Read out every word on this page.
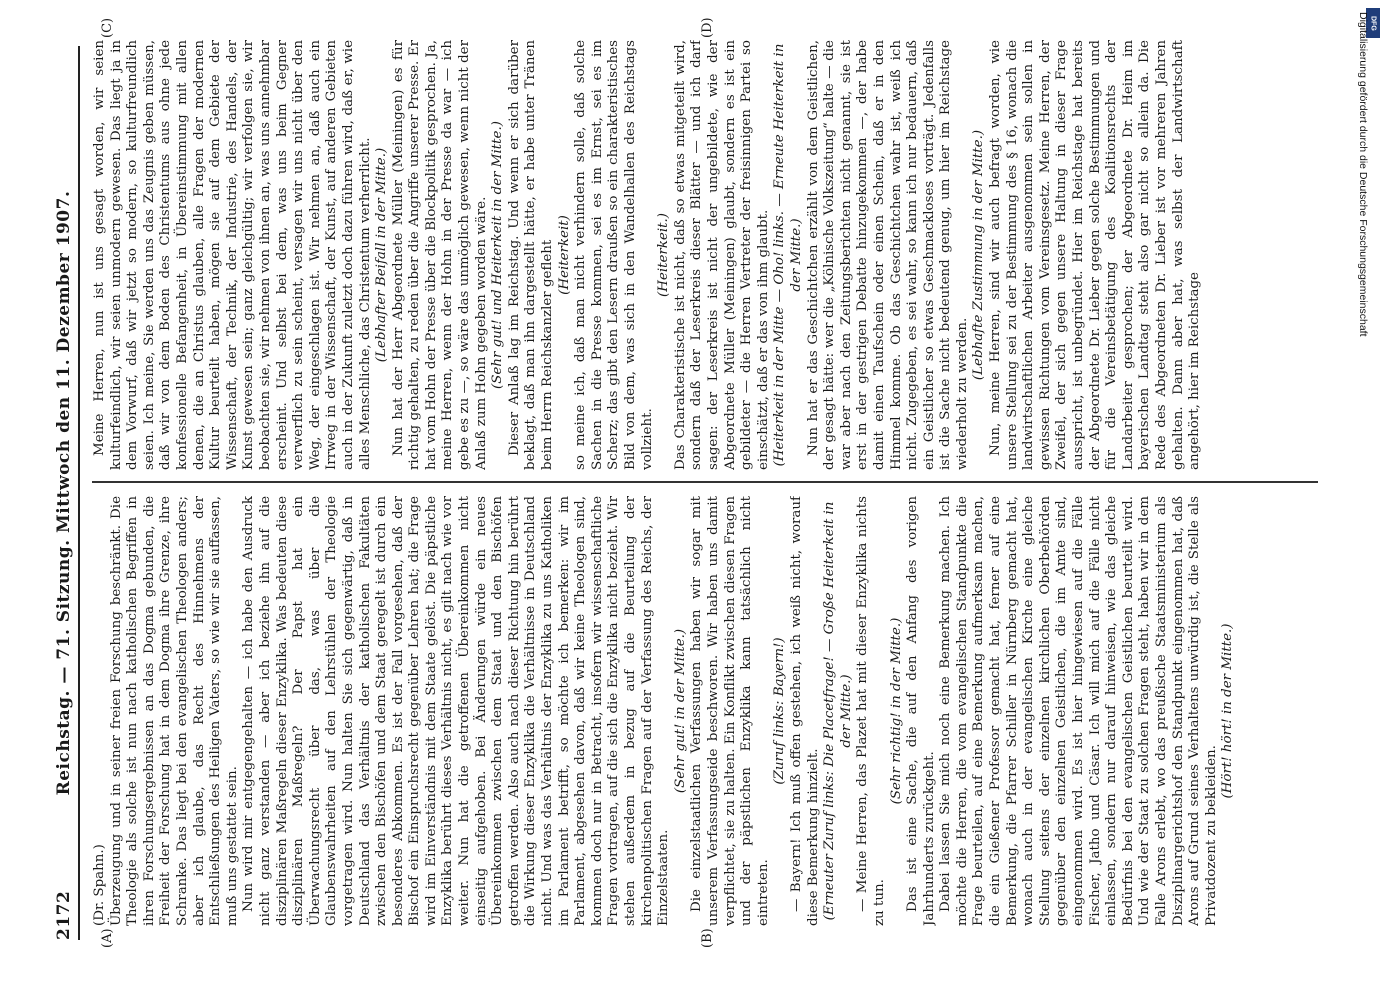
2172
Reichstag. — 71. Sitzung. Mittwoch den 11. Dezember 1907.
(A)	(B)
(C)	(D)

(Dr. Spahn.) Überzeugung und in seiner freien Forschung beschränkt. Die Theologie als solche ist nun nach katholischen Begriffen in ihren Forschungsergebnissen an das Dogma gebunden, die Freiheit der Forschung hat in dem Dogma ihre Grenze, ihre Schranke. Das liegt bei den evangelischen Theologen anders; aber ich glaube, das Recht des Hinnehmens der Entschließungen des Heiligen Vaters, so wie wir sie auffassen, muß uns gestattet sein. Nun wird mir entgegengehalten — ich habe den Ausdruck nicht ganz verstanden — aber ich beziehe ihn auf die disziplinären Maßregeln dieser Enzyklika. Was bedeuten diese disziplinären Maßregeln? Der Papst hat ein Überwachungsrecht über das, was über die Glaubenswahrheiten auf den Lehrstühlen der Theologie vorgetragen wird. Nun halten Sie sich gegenwärtig, daß in Deutschland das Verhältnis der katholischen Fakultäten zwischen den Bischöfen und dem Staat geregelt ist durch ein besonderes Abkommen. Es ist der Fall vorgesehen, daß der Bischof ein Einspruchsrecht gegenüber Lehren hat; die Frage wird im Einverständnis mit dem Staate gelöst. Die päpstliche Enzyklika berührt dieses Verhältnis nicht, es gilt nach wie vor weiter. Nun hat die getroffenen Übereinkommen nicht einseitig aufgehoben. Bei Änderungen würde ein neues Übereinkommen zwischen dem Staat und den Bischöfen getroffen werden. Also auch nach dieser Richtung hin berührt die Wirkung dieser Enzyklika die Verhältnisse in Deutschland nicht. Und was das Verhältnis der Enzyklika zu uns Katholiken im Parlament betrifft, so möchte ich bemerken: wir im Parlament, abgesehen davon, daß wir keine Theologen sind, kommen doch nur in Betracht, insofern wir wissenschaftliche Fragen vortragen, auf die sich die Enzyklika nicht bezieht. Wir stehen außerdem in bezug auf die Beurteilung der kirchenpolitischen Fragen auf der Verfassung des Reichs, der Einzelstaaten.

(Sehr gut! in der Mitte.) Die einzelstaatlichen Verfassungen haben wir sogar mit unserem Verfassungseide beschworen. Wir haben uns damit verpflichtet, sie zu halten. Ein Konflikt zwischen diesen Fragen und der päpstlichen Enzyklika kann tatsächlich nicht eintreten.

(Zuruf links: Bayern!) — Bayern! Ich muß offen gestehen, ich weiß nicht, worauf diese Bemerkung hinzielt. (Erneuter Zuruf links: Die Placetfrage! — Große Heiterkeit in der Mitte.) — Meine Herren, das Plazet hat mit dieser Enzyklika nichts zu tun.

(Sehr richtig! in der Mitte.) Das ist eine Sache, die auf den Anfang des vorigen Jahrhunderts zurückgeht. Dabei lassen Sie mich noch eine Bemerkung machen. Ich möchte die Herren, die vom evangelischen Standpunkte die Frage beurteilen, auf eine Bemerkung aufmerksam machen, die ein Gießener Professor gemacht hat, ferner auf eine Bemerkung, die Pfarrer Schiller in Nürnberg gemacht hat, wonach auch in der evangelischen Kirche eine gleiche Stellung seitens der einzelnen kirchlichen Oberbehörden gegenüber den einzelnen Geistlichen, die im Amte sind, eingenommen wird. Es ist hier hingewiesen auf die Fälle Fischer, Jatho und Cäsar. Ich will mich auf die Fälle nicht einlassen, sondern nur darauf hinweisen, wie das gleiche Bedürfnis bei den evangelischen Geistlichen beurteilt wird. Und wie der Staat zu solchen Fragen steht, haben wir in dem Falle Arons erlebt, wo das preußische Staatsministerium als Disziplinargerichtshof den Standpunkt eingenommen hat, daß Arons auf Grund seines Verhaltens unwürdig ist, die Stelle als Privatdozent zu bekleiden.

(Hört! hört! in der Mitte.)

Meine Herren, nun ist uns gesagt worden, wir seien kulturfeindlich, wir seien unmodern gewesen. Das liegt ja in dem Vorwurf, daß wir jetzt so modern, so kulturfreundlich seien. Ich meine, Sie werden uns das Zeugnis geben müssen, daß wir von dem Boden des Christentums aus ohne jede konfessionelle Befangenheit, in Übereinstimmung mit allen denen, die an Christus glauben, alle Fragen der modernen Kultur beurteilt haben, mögen sie auf dem Gebiete der Wissenschaft, der Technik, der Industrie, des Handels, der Kunst gewesen sein; ganz gleichgültig; wir verfolgen sie, wir beobachten sie, wir nehmen von ihnen an, was uns annehmbar erscheint. Und selbst bei dem, was uns beim Gegner verwerflich zu sein scheint, versagen wir uns nicht über den Weg, der eingeschlagen ist. Wir nehmen an, daß auch ein Irrweg in der Wissenschaft, der Kunst, auf anderen Gebieten auch in der Zukunft zuletzt doch dazu führen wird, daß er, wie alles Menschliche, das Christentum verherrlicht. (Lebhafter Beifall in der Mitte.) Nun hat der Herr Abgeordnete Müller (Meiningen) es für richtig gehalten, zu reden über die Angriffe unserer Presse. Er hat vom Hohn der Presse über die Blockpolitik gesprochen. Ja, meine Herren, wenn der Hohn in der Presse da war — ich gebe es zu —, so wäre das unmöglich gewesen, wenn nicht der Anlaß zum Hohn gegeben worden wäre. (Sehr gut! und Heiterkeit in der Mitte.) Dieser Anlaß lag im Reichstag. Und wenn er sich darüber beklagt, daß man ihn dargestellt hätte, er habe unter Tränen beim Herrn Reichskanzler gefleht (Heiterkeit) so meine ich, daß man nicht verhindern solle, daß solche Sachen in die Presse kommen, sei es im Ernst, sei es im Scherz; das gibt den Lesern draußen so ein charakteristisches Bild von dem, was sich in den Wandelhallen des Reichstags vollzieht.

(Heiterkeit.) Das Charakteristische ist nicht, daß so etwas mitgeteilt wird, sondern daß der Leserkreis dieser Blätter — und ich darf sagen: der Leserkreis ist nicht der ungebildete, wie der Abgeordnete Müller (Meiningen) glaubt, sondern es ist ein gebildeter — die Herren Vertreter der freisinnigen Partei so einschätzt, daß er das von ihm glaubt. (Heiterkeit in der Mitte — Oho! links. — Erneute Heiterkeit in der Mitte.) Nun hat er das Geschichtchen erzählt von dem Geistlichen, der gesagt hätte: wer die „Kölnische Volkszeitung“ halte — die war aber nach den Zeitungsberichten nicht genannt, sie ist erst in der gestrigen Debatte hinzugekommen —, der habe damit einen Taufschein oder einen Schein, daß er in den Himmel komme. Ob das Geschichtchen wahr ist, weiß ich nicht. Zugegeben, es sei wahr, so kann ich nur bedauern, daß ein Geistlicher so etwas Geschmackloses vorträgt. Jedenfalls ist die Sache nicht bedeutend genug, um hier im Reichstage wiederholt zu werden.

(Lebhafte Zustimmung in der Mitte.) Nun, meine Herren, sind wir auch befragt worden, wie unsere Stellung sei zu der Bestimmung des § 16, wonach die landwirtschaftlichen Arbeiter ausgenommen sein sollen in gewissen Richtungen vom Vereinsgesetz. Meine Herren, der Zweifel, der sich gegen unsere Haltung in dieser Frage ausspricht, ist unbegründet. Hier im Reichstage hat bereits der Abgeordnete Dr. Lieber gegen solche Bestimmungen und für die Vereinsbetätigung des Koalitionsrechts der Landarbeiter gesprochen; der Abgeordnete Dr. Heim im bayerischen Landtag steht also gar nicht so allein da. Die Rede des Abgeordneten Dr. Lieber ist vor mehreren Jahren gehalten. Dann aber hat, was selbst der Landwirtschaft angehört, hier im Reichstage

DFG
Digitalisierung gefördert durch die Deutsche Forschungsgemeinschaft
